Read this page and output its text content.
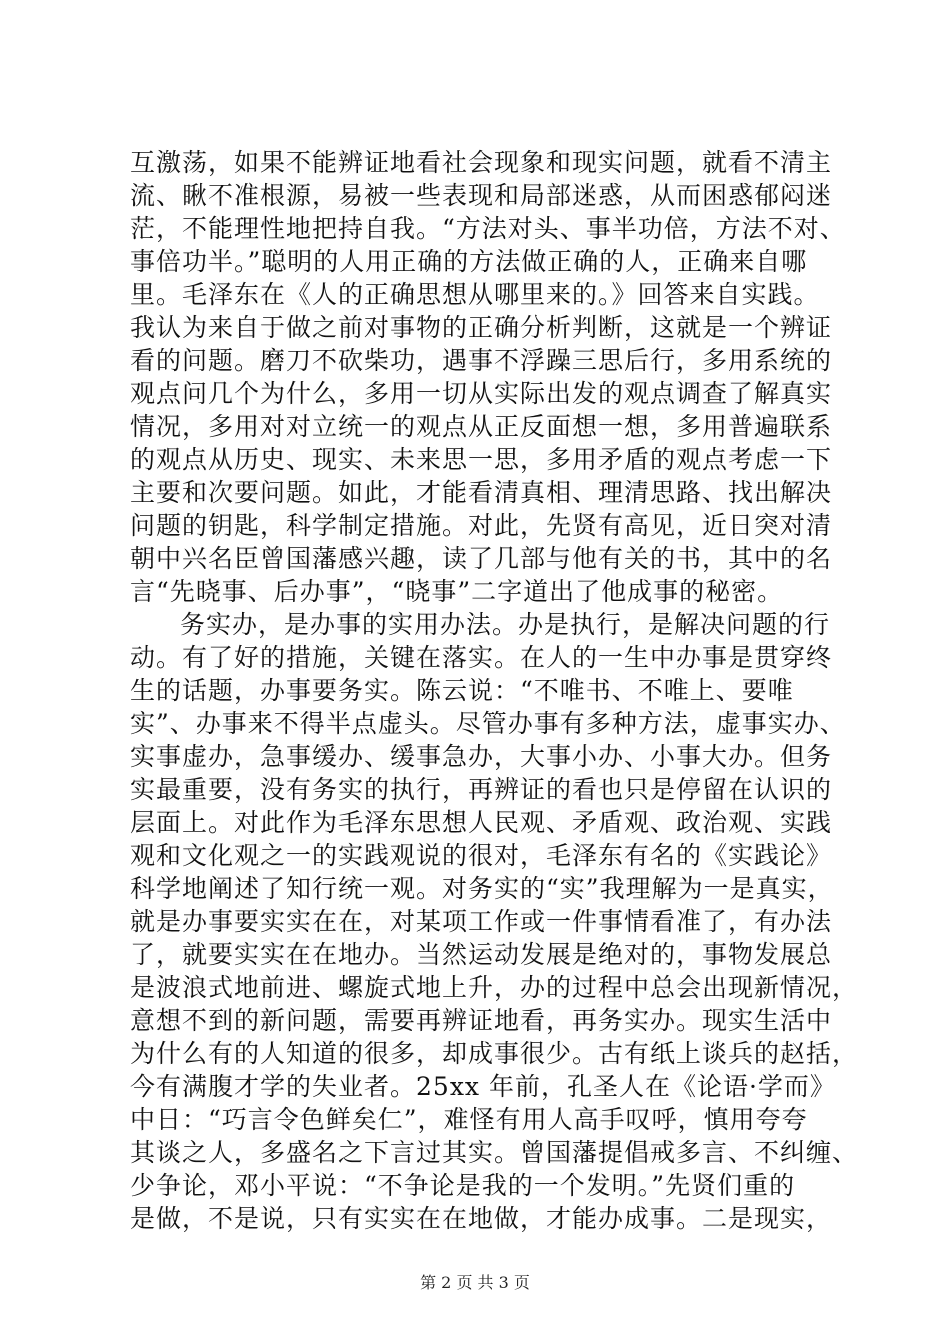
互激荡，如果不能辨证地看社会现象和现实问题，就看不清主
流、瞅不准根源，易被一些表现和局部迷惑，从而困惑郁闷迷
茫，不能理性地把持自我。“方法对头、事半功倍，方法不对、
事倍功半。”聪明的人用正确的方法做正确的人，正确来自哪
里。毛泽东在《人的正确思想从哪里来的。》回答来自实践。
我认为来自于做之前对事物的正确分析判断，这就是一个辨证
看的问题。磨刀不砍柴功，遇事不浮躁三思后行，多用系统的
观点问几个为什么，多用一切从实际出发的观点调查了解真实
情况，多用对对立统一的观点从正反面想一想，多用普遍联系
的观点从历史、现实、未来思一思，多用矛盾的观点考虑一下
主要和次要问题。如此，才能看清真相、理清思路、找出解决
问题的钥匙，科学制定措施。对此，先贤有高见，近日突对清
朝中兴名臣曾国藩感兴趣，读了几部与他有关的书，其中的名
言“先晓事、后办事”，“晓事”二字道出了他成事的秘密。
务实办，是办事的实用办法。办是执行，是解决问题的行
动。有了好的措施，关键在落实。在人的一生中办事是贯穿终
生的话题，办事要务实。陈云说：“不唯书、不唯上、要唯
实”、办事来不得半点虚头。尽管办事有多种方法，虚事实办、
实事虚办，急事缓办、缓事急办，大事小办、小事大办。但务
实最重要，没有务实的执行，再辨证的看也只是停留在认识的
层面上。对此作为毛泽东思想人民观、矛盾观、政治观、实践
观和文化观之一的实践观说的很对，毛泽东有名的《实践论》
科学地阐述了知行统一观。对务实的“实”我理解为一是真实，
就是办事要实实在在，对某项工作或一件事情看准了，有办法
了，就要实实在在地办。当然运动发展是绝对的，事物发展总
是波浪式地前进、螺旋式地上升，办的过程中总会出现新情况，
意想不到的新问题，需要再辨证地看，再务实办。现实生活中
为什么有的人知道的很多，却成事很少。古有纸上谈兵的赵括，
今有满腹才学的失业者。25xx 年前，孔圣人在《论语·学而》
中日：“巧言令色鲜矣仁”，难怪有用人高手叹呼，慎用夸夸
其谈之人，多盛名之下言过其实。曾国藩提倡戒多言、不纠缠、
少争论，邓小平说：“不争论是我的一个发明。”先贤们重的
是做，不是说，只有实实在在地做，才能办成事。二是现实，
第 2 页 共 3 页
